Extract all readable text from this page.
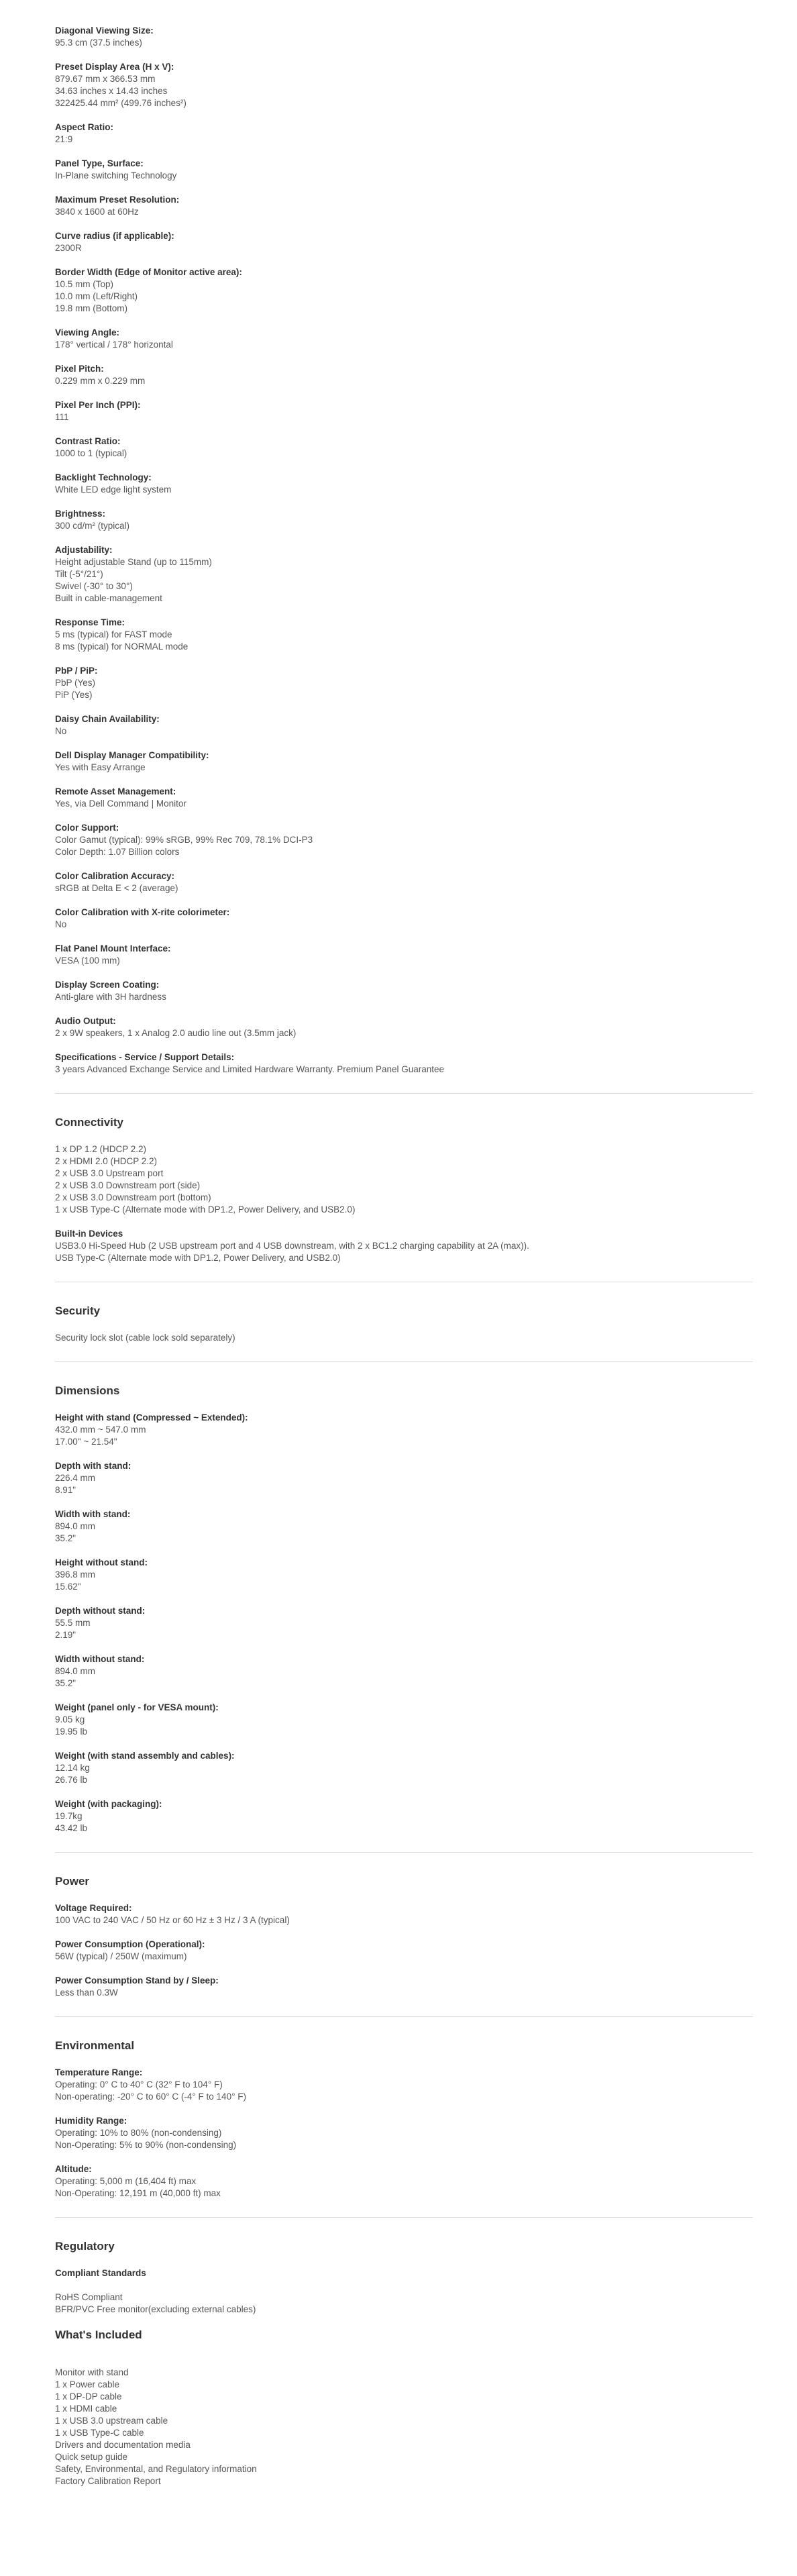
Diagonal Viewing Size:
95.3 cm (37.5 inches)
Preset Display Area (H x V):
879.67 mm x 366.53 mm
34.63 inches x 14.43 inches
322425.44 mm² (499.76 inches²)
Aspect Ratio:
21:9
Panel Type, Surface:
In-Plane switching Technology
Maximum Preset Resolution:
3840 x 1600 at 60Hz
Curve radius (if applicable):
2300R
Border Width (Edge of Monitor active area):
10.5 mm (Top)
10.0 mm (Left/Right)
19.8 mm (Bottom)
Viewing Angle:
178° vertical / 178° horizontal
Pixel Pitch:
0.229 mm x 0.229 mm
Pixel Per Inch (PPI):
111
Contrast Ratio:
1000 to 1 (typical)
Backlight Technology:
White LED edge light system
Brightness:
300 cd/m² (typical)
Adjustability:
Height adjustable Stand (up to 115mm)
Tilt (-5°/21°)
Swivel (-30° to 30°)
Built in cable-management
Response Time:
5 ms (typical) for FAST mode
8 ms (typical) for NORMAL mode
PbP / PiP:
PbP (Yes)
PiP (Yes)
Daisy Chain Availability:
No
Dell Display Manager Compatibility:
Yes with Easy Arrange
Remote Asset Management:
Yes, via Dell Command | Monitor
Color Support:
Color Gamut (typical): 99% sRGB, 99% Rec 709, 78.1% DCI-P3
Color Depth: 1.07 Billion colors
Color Calibration Accuracy:
sRGB at Delta E < 2 (average)
Color Calibration with X-rite colorimeter:
No
Flat Panel Mount Interface:
VESA (100 mm)
Display Screen Coating:
Anti-glare with 3H hardness
Audio Output:
2 x 9W speakers, 1 x Analog 2.0 audio line out (3.5mm jack)
Specifications - Service / Support Details:
3 years Advanced Exchange Service and Limited Hardware Warranty. Premium Panel Guarantee
Connectivity
1 x DP 1.2 (HDCP 2.2)
2 x HDMI 2.0 (HDCP 2.2)
2 x USB 3.0 Upstream port
2 x USB 3.0 Downstream port (side)
2 x USB 3.0 Downstream port (bottom)
1 x USB Type-C (Alternate mode with DP1.2, Power Delivery, and USB2.0)
Built-in Devices
USB3.0 Hi-Speed Hub (2 USB upstream port and 4 USB downstream, with 2 x BC1.2 charging capability at 2A (max)).
USB Type-C (Alternate mode with DP1.2, Power Delivery, and USB2.0)
Security
Security lock slot (cable lock sold separately)
Dimensions
Height with stand (Compressed ~ Extended):
432.0 mm ~ 547.0 mm
17.00" ~ 21.54"
Depth with stand:
226.4 mm
8.91"
Width with stand:
894.0 mm
35.2"
Height without stand:
396.8 mm
15.62"
Depth without stand:
55.5 mm
2.19"
Width without stand:
894.0 mm
35.2"
Weight (panel only - for VESA mount):
9.05 kg
19.95 lb
Weight (with stand assembly and cables):
12.14 kg
26.76 lb
Weight (with packaging):
19.7kg
43.42 lb
Power
Voltage Required:
100 VAC to 240 VAC / 50 Hz or 60 Hz ± 3 Hz / 3 A (typical)
Power Consumption (Operational):
56W (typical) / 250W (maximum)
Power Consumption Stand by / Sleep:
Less than 0.3W
Environmental
Temperature Range:
Operating: 0° C to 40° C (32° F to 104° F)
Non-operating: -20° C to 60° C (-4° F to 140° F)
Humidity Range:
Operating: 10% to 80% (non-condensing)
Non-Operating: 5% to 90% (non-condensing)
Altitude:
Operating: 5,000 m (16,404 ft) max
Non-Operating: 12,191 m (40,000 ft) max
Regulatory
Compliant Standards

RoHS Compliant
BFR/PVC Free monitor(excluding external cables)
What's Included
Monitor with stand
1 x Power cable
1 x DP-DP cable
1 x HDMI cable
1 x USB 3.0 upstream cable
1 x USB Type-C cable
Drivers and documentation media
Quick setup guide
Safety, Environmental, and Regulatory information
Factory Calibration Report
